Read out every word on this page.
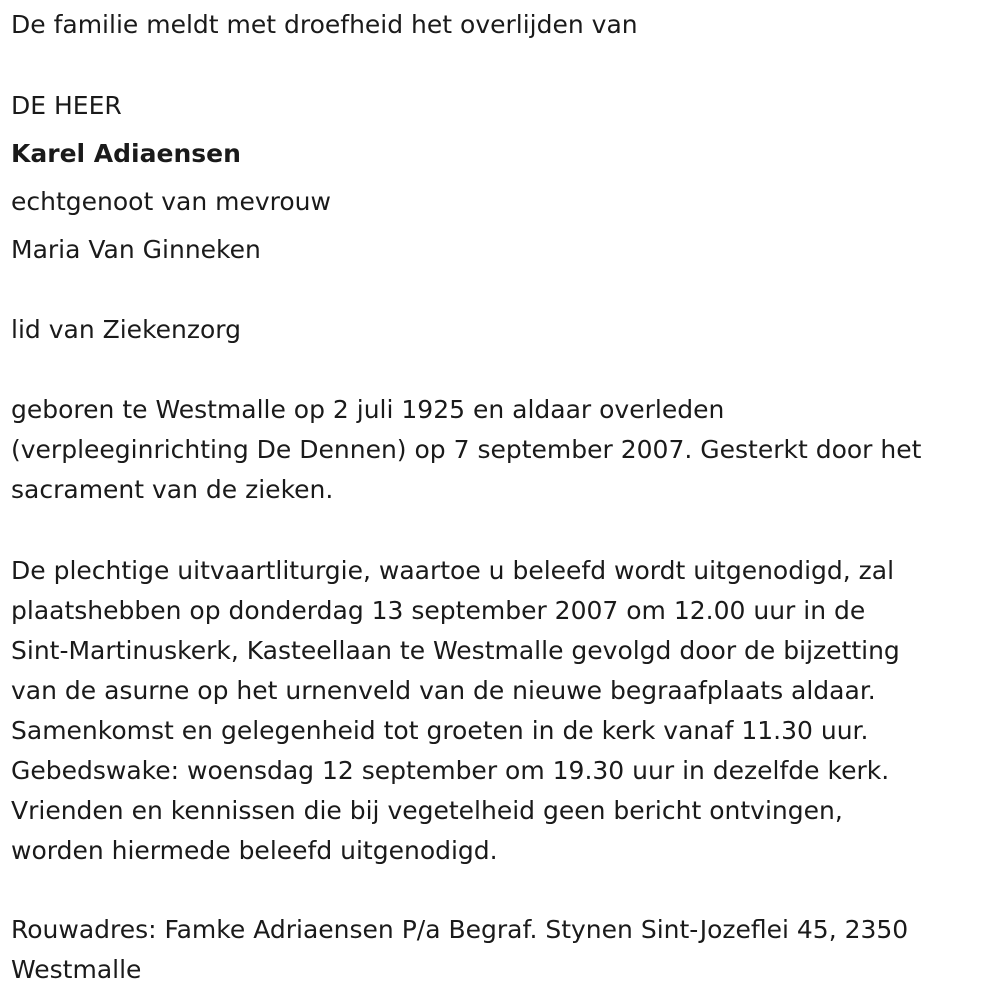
De familie meldt met droefheid het overlijden van
DE HEER
Karel Adiaensen
echtgenoot van mevrouw
Maria Van Ginneken
lid van Ziekenzorg
geboren te Westmalle op 2 juli 1925 en aldaar overleden
(verpleeginrichting De Dennen) op 7 september 2007. Gesterkt door het
sacrament van de zieken.
De plechtige uitvaartliturgie, waartoe u beleefd wordt uitgenodigd, zal
plaatshebben op donderdag 13 september 2007 om 12.00 uur in de
Sint-Martinuskerk, Kasteellaan te Westmalle gevolgd door de bijzetting
van de asurne op het urnenveld van de nieuwe begraafplaats aldaar.
Samenkomst en gelegenheid tot groeten in de kerk vanaf 11.30 uur.
Gebedswake: woensdag 12 september om 19.30 uur in dezelfde kerk.
Vrienden en kennissen die bij vegetelheid geen bericht ontvingen,
worden hiermede beleefd uitgenodigd.
Rouwadres: Famke Adriaensen P/a Begraf. Stynen Sint-Jozeflei 45, 2350
Westmalle
